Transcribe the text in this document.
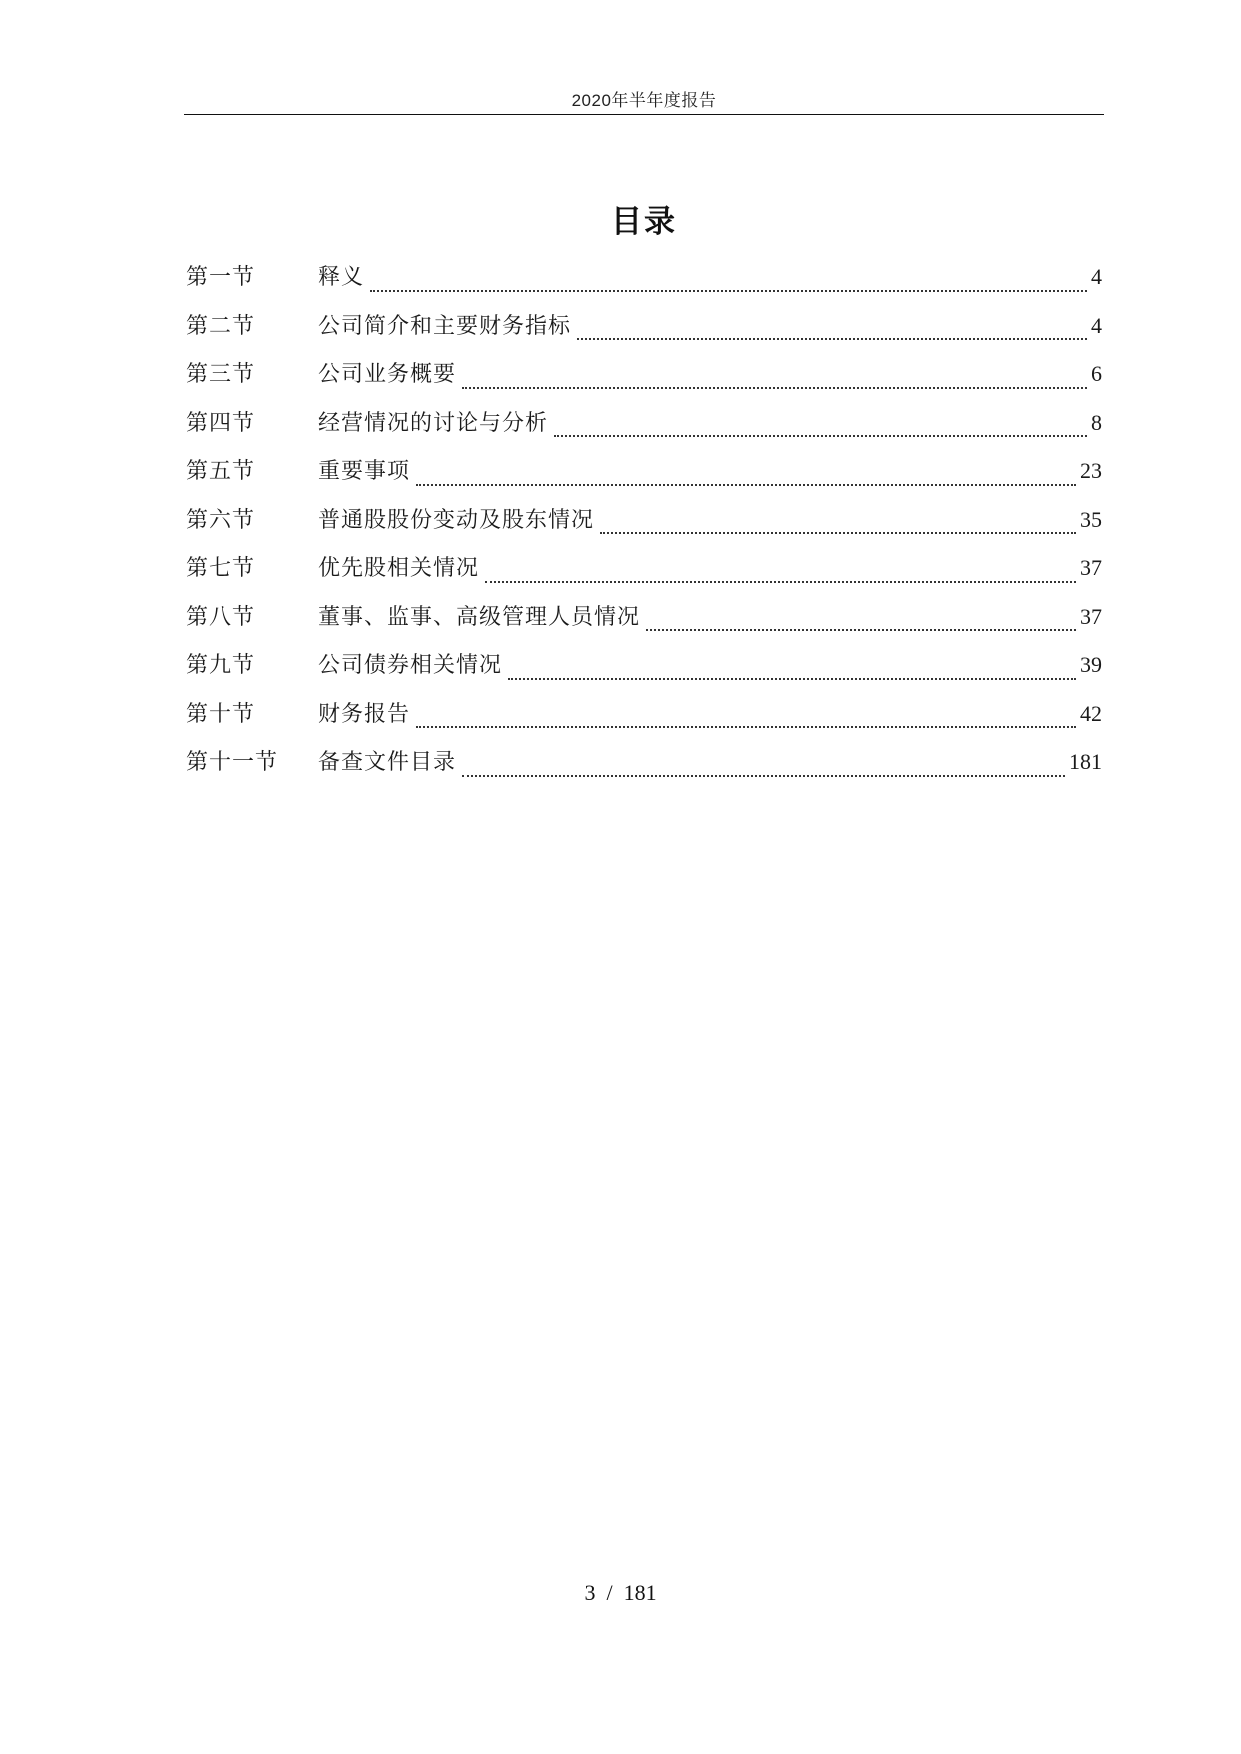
2020年半年度报告
目录
第一节	释义	4
第二节	公司简介和主要财务指标	4
第三节	公司业务概要	6
第四节	经营情况的讨论与分析	8
第五节	重要事项	23
第六节	普通股股份变动及股东情况	35
第七节	优先股相关情况	37
第八节	董事、监事、高级管理人员情况	37
第九节	公司债券相关情况	39
第十节	财务报告	42
第十一节	备查文件目录	181
3 / 181
